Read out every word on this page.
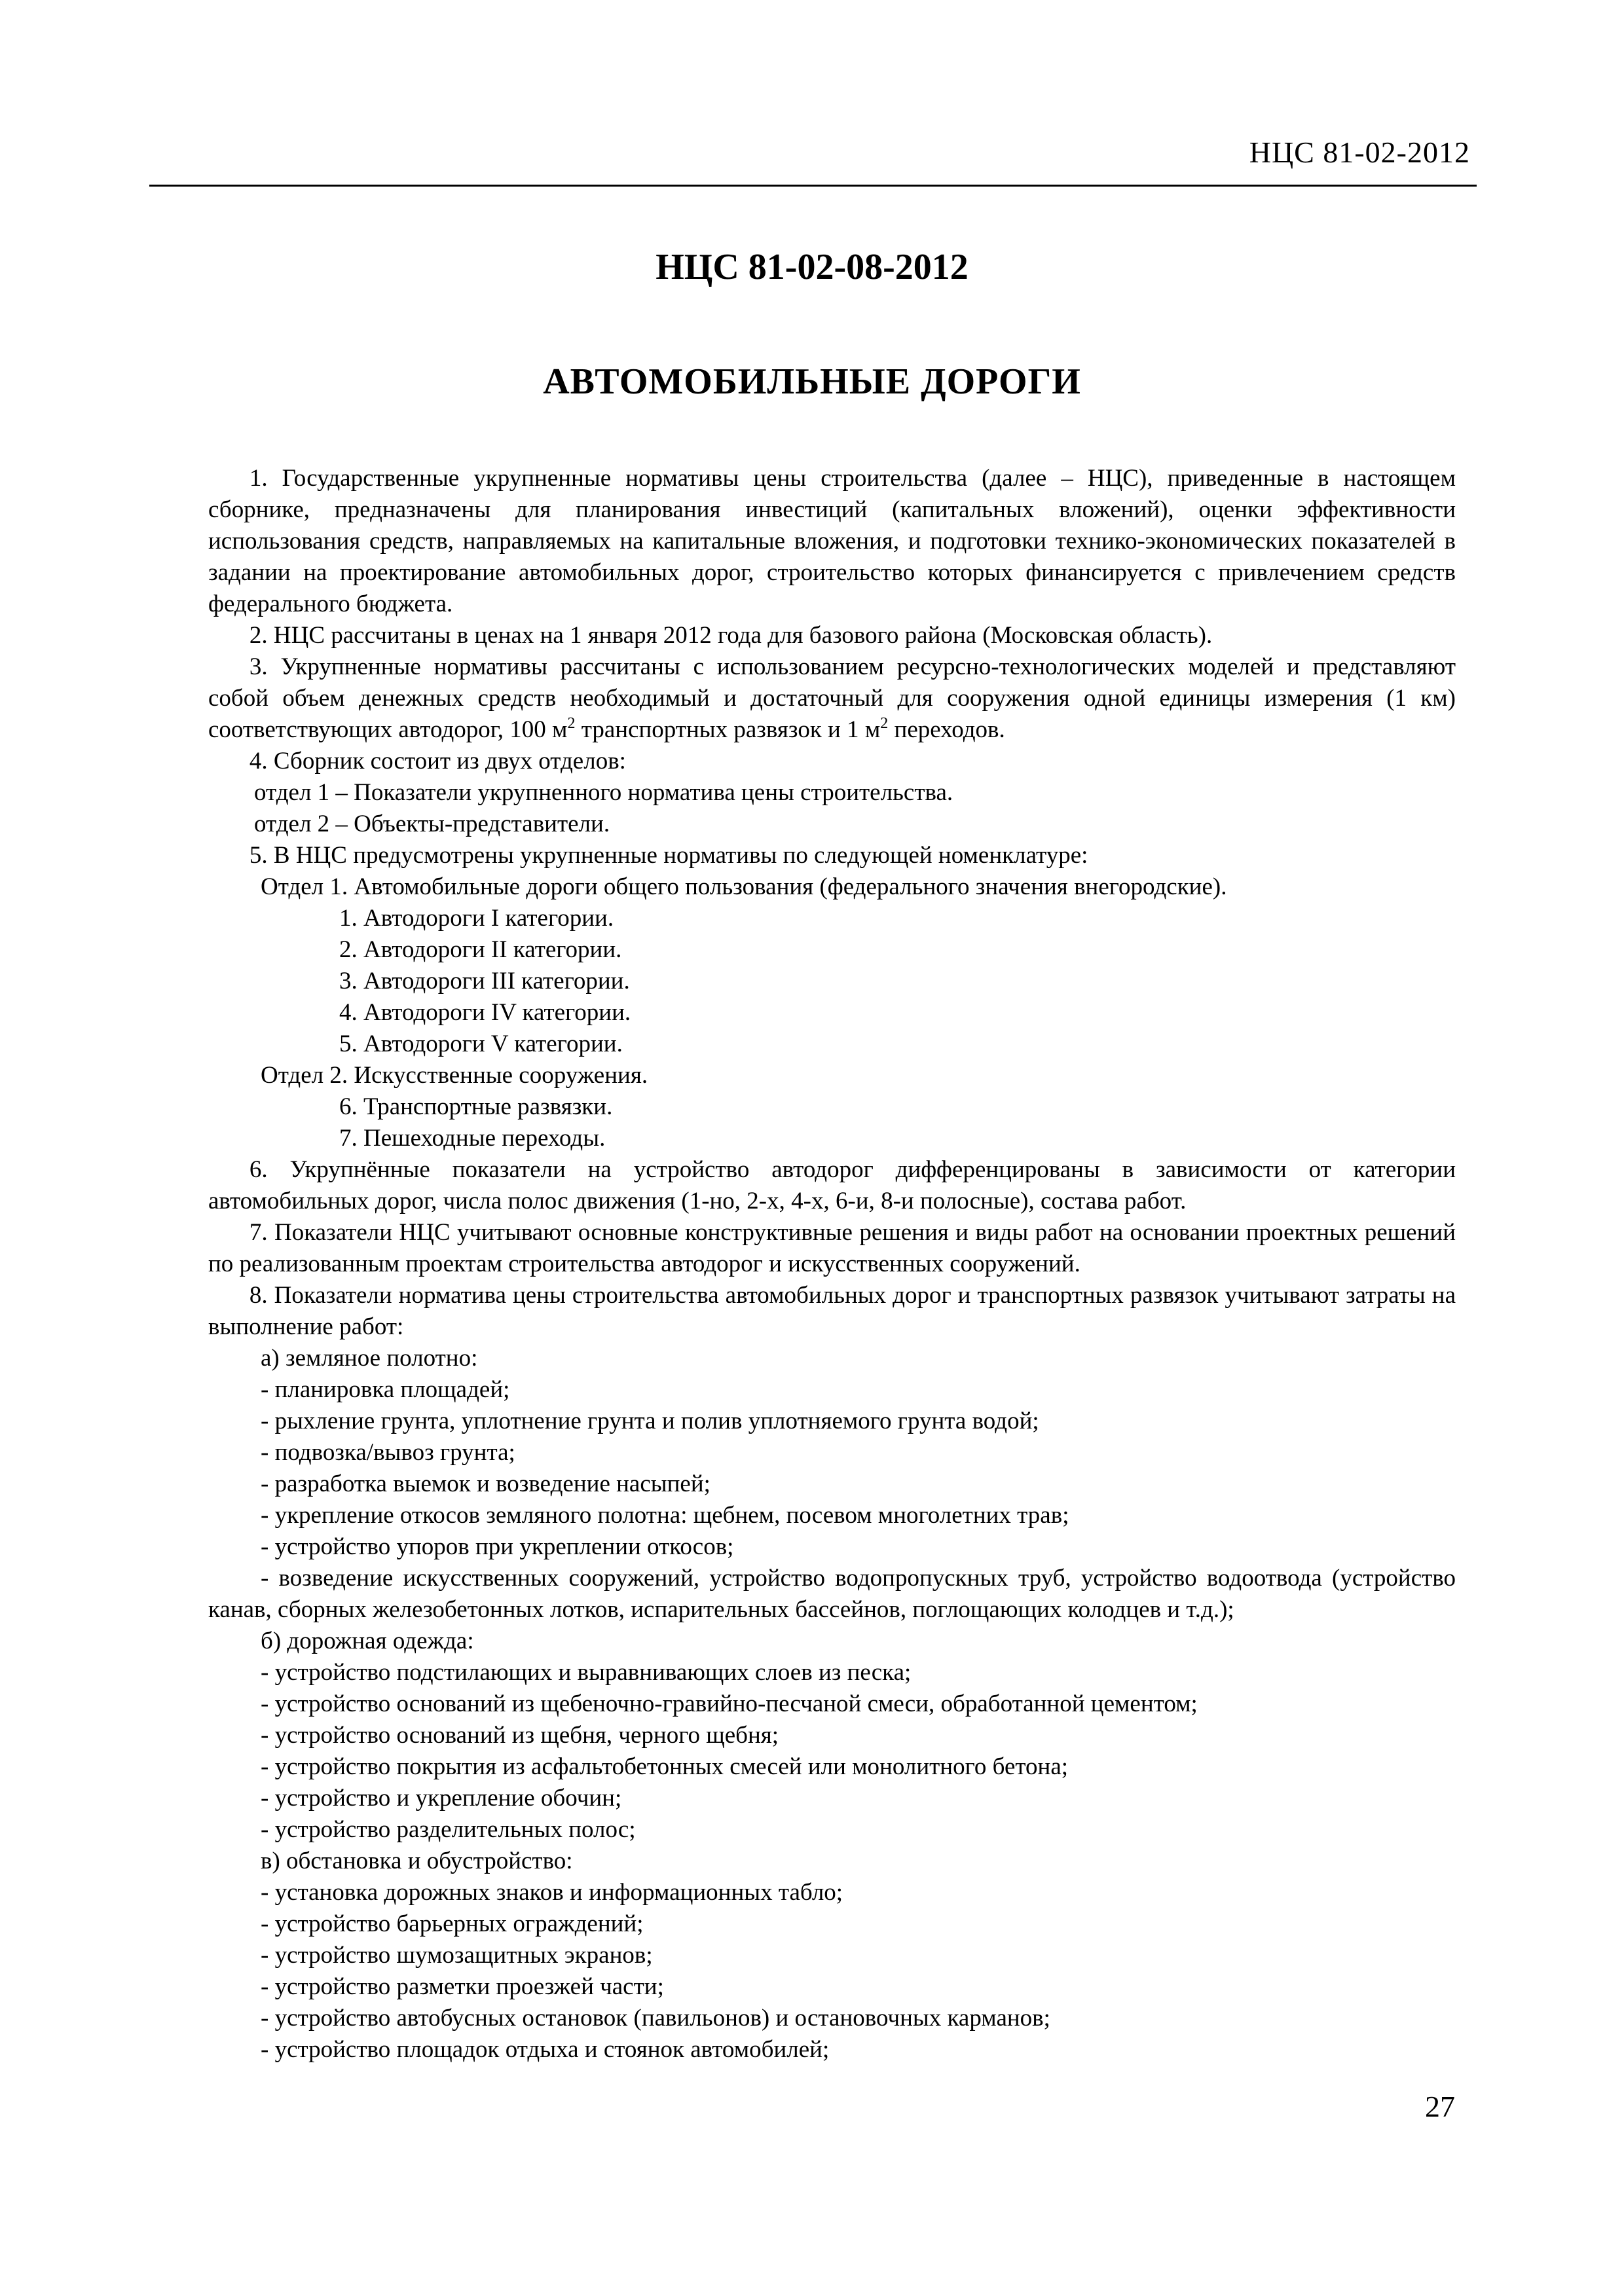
НЦС 81-02-2012
НЦС 81-02-08-2012
АВТОМОБИЛЬНЫЕ ДОРОГИ

1. Государственные укрупненные нормативы цены строительства (далее – НЦС), приведенные в настоящем сборнике, предназначены для планирования инвестиций (капитальных вложений), оценки эффективности использования средств, направляемых на капитальные вложения, и подготовки технико-экономических показателей в задании на проектирование автомобильных дорог, строительство которых финансируется с привлечением средств федерального бюджета.

2. НЦС рассчитаны в ценах на 1 января 2012 года для базового района (Московская область).

3. Укрупненные нормативы рассчитаны с использованием ресурсно-технологических моделей и представляют собой объем денежных средств необходимый и достаточный для сооружения одной единицы измерения (1 км) соответствующих автодорог, 100 $м^2$ транспортных развязок и 1 $м^2$ переходов.

4. Сборник состоит из двух отделов:

отдел 1 – Показатели укрупненного норматива цены строительства.

отдел 2 – Объекты-представители.

5. В НЦС предусмотрены укрупненные нормативы по следующей номенклатуре:

Отдел 1. Автомобильные дороги общего пользования (федерального значения внегородские).

1. Автодороги I категории.

2. Автодороги II категории.

3. Автодороги III категории.

4. Автодороги IV категории.

5. Автодороги V категории.

Отдел 2. Искусственные сооружения.

6. Транспортные развязки.

7. Пешеходные переходы.

6. Укрупнённые показатели на устройство автодорог дифференцированы в зависимости от категории автомобильных дорог, числа полос движения (1-но, 2-х, 4-х, 6-и, 8-и полосные), состава работ.

7. Показатели НЦС учитывают основные конструктивные решения и виды работ на основании проектных решений по реализованным проектам строительства автодорог и искусственных сооружений.

8. Показатели норматива цены строительства автомобильных дорог и транспортных развязок учитывают затраты на выполнение работ:

а) земляное полотно:

- планировка площадей;

- рыхление грунта, уплотнение грунта и полив уплотняемого грунта водой;

- подвозка/вывоз грунта;

- разработка выемок и возведение насыпей;

- укрепление откосов земляного полотна: щебнем, посевом многолетних трав;

- устройство упоров при укреплении откосов;

- возведение искусственных сооружений, устройство водопропускных труб, устройство водоотвода (устройство канав, сборных железобетонных лотков, испарительных бассейнов, поглощающих колодцев и т.д.);

б) дорожная одежда:

- устройство подстилающих и выравнивающих слоев из песка;

- устройство оснований из щебеночно-гравийно-песчаной смеси, обработанной цементом;

- устройство оснований из щебня, черного щебня;

- устройство покрытия из асфальтобетонных смесей или монолитного бетона;

- устройство и укрепление обочин;

- устройство разделительных полос;

в) обстановка и обустройство:

- установка дорожных знаков и информационных табло;

- устройство барьерных ограждений;

- устройство шумозащитных экранов;

- устройство разметки проезжей части;

- устройство автобусных остановок (павильонов) и остановочных карманов;

- устройство площадок отдыха и стоянок автомобилей;

27
